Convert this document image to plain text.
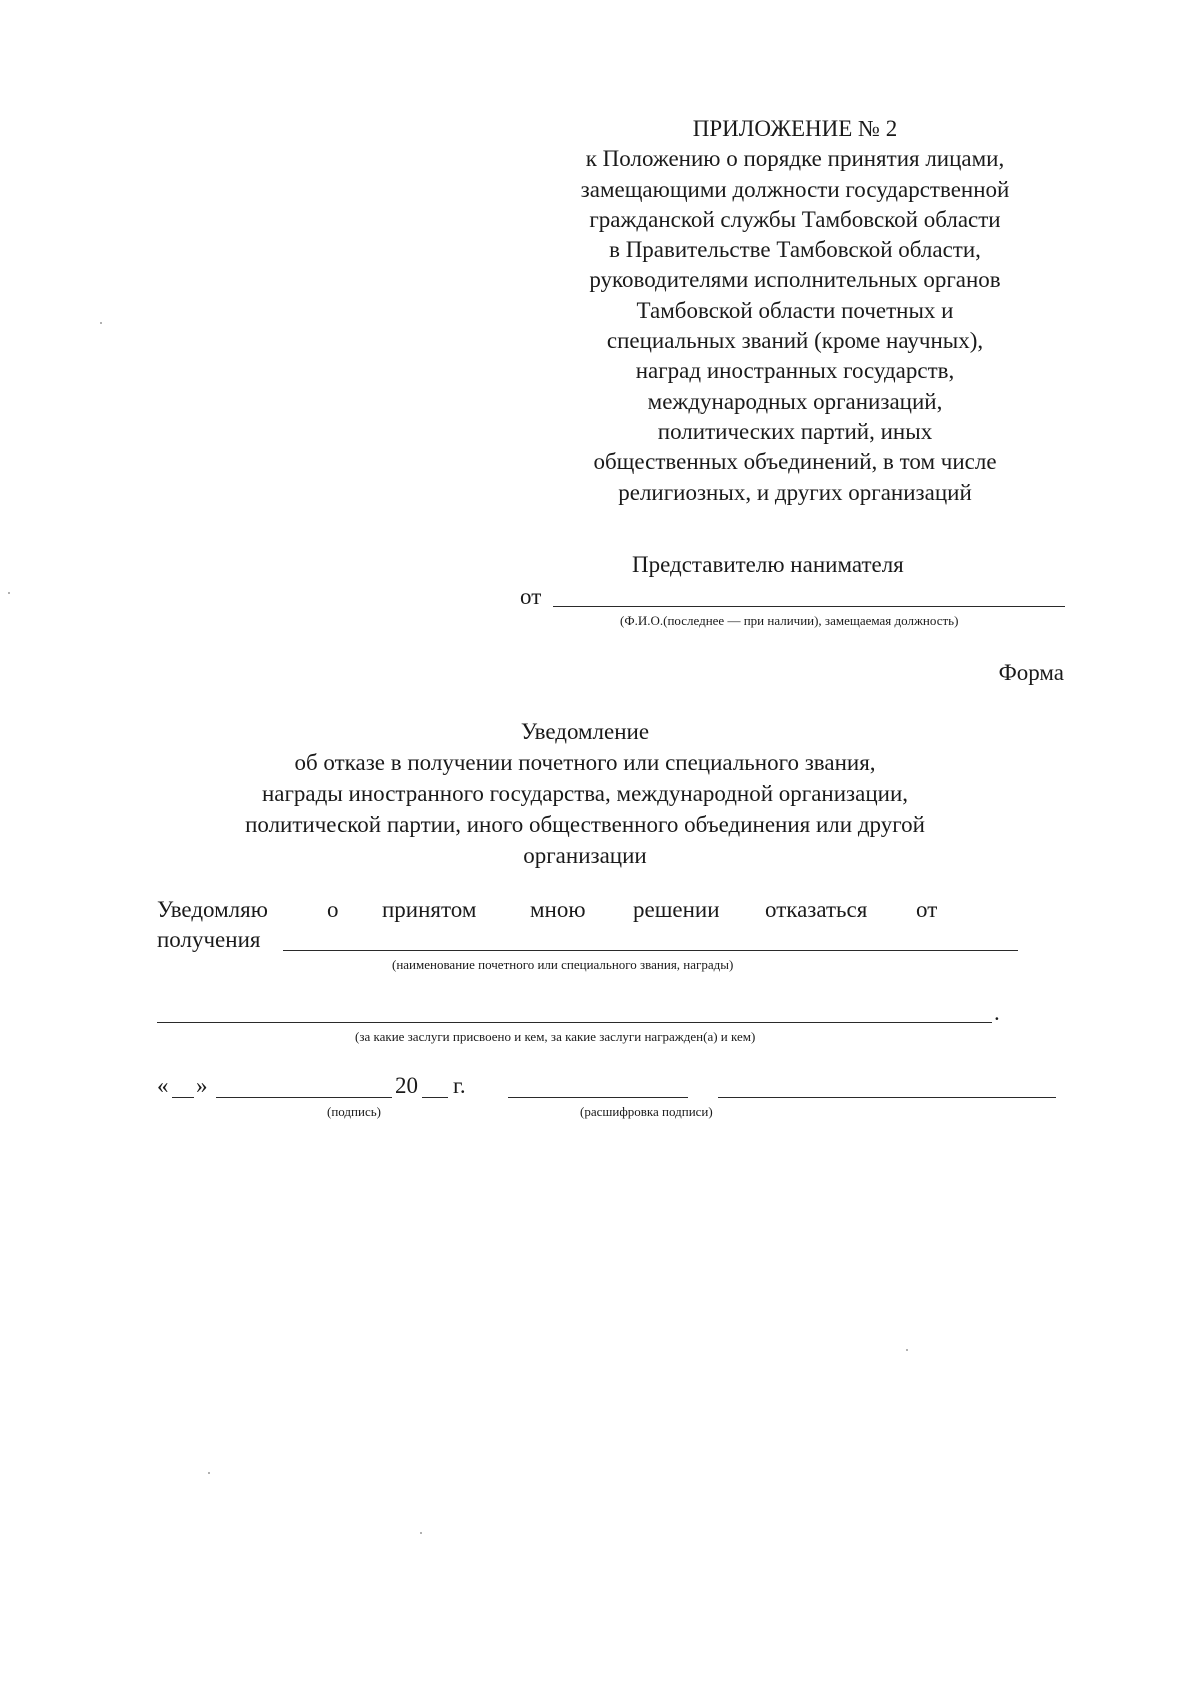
ПРИЛОЖЕНИЕ № 2
к Положению о порядке принятия лицами,
замещающими должности государственной
гражданской службы Тамбовской области
в Правительстве Тамбовской области,
руководителями исполнительных органов
Тамбовской области почетных и
специальных званий (кроме научных),
наград иностранных государств,
международных организаций,
политических партий, иных
общественных объединений, в том числе
религиозных, и других организаций
Представителю нанимателя
от
(Ф.И.О.(последнее — при наличии), замещаемая должность)
Форма
Уведомление
об отказе в получении почетного или специального звания,
награды иностранного государства, международной организации,
политической партии, иного общественного объединения или другой
организации
Уведомляю	о принятом мною решении отказаться от
получения
(наименование почетного или специального звания, награды)
.
(за какие заслуги присвоено и кем, за какие заслуги награжден(а) и кем)
« »	20 г.
(подпись)	(расшифровка подписи)
